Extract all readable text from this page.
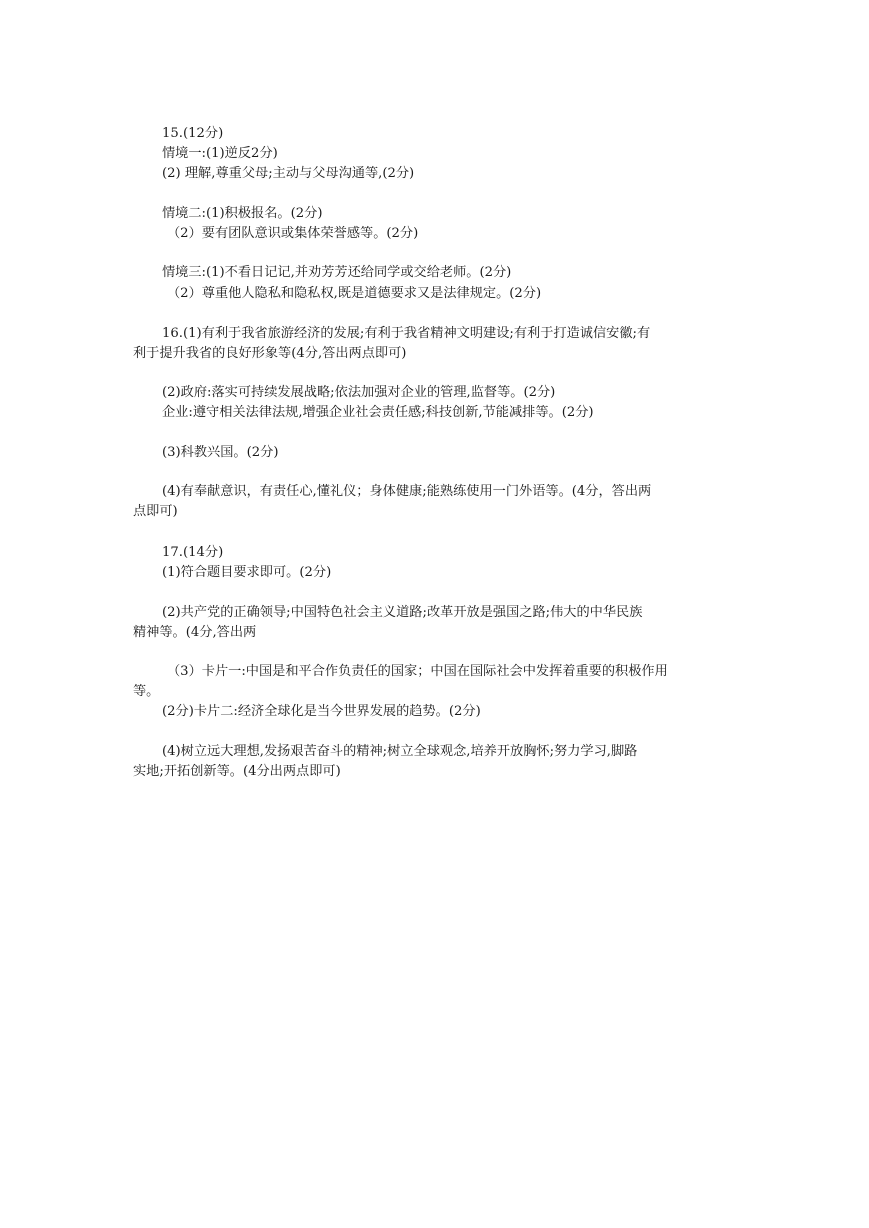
15.(12分)
情境一:(1)逆反2分)
(2) 理解,尊重父母;主动与父母沟通等,(2分)
情境二:(1)积极报名。(2分)
（2）要有团队意识或集体荣誉感等。(2分)
情境三:(1)不看日记记,并劝芳芳还给同学或交给老师。(2分)
（2）尊重他人隐私和隐私权,既是道德要求又是法律规定。(2分)
16.(1)有利于我省旅游经济的发展;有利于我省精神文明建设;有利于打造诚信安徽;有
利于提升我省的良好形象等(4分,答出两点即可)
(2)政府:落实可持续发展战略;依法加强对企业的管理,监督等。(2分)
企业:遵守相关法律法规,增强企业社会责任感;科技创新,节能减排等。(2分)
(3)科教兴国。(2分)
(4)有奉献意识，有责任心,懂礼仪；身体健康;能熟练使用一门外语等。(4分，答出两
点即可)
17.(14分)
(1)符合题目要求即可。(2分)
(2)共产党的正确领导;中国特色社会主义道路;改革开放是强国之路;伟大的中华民族
精神等。(4分,答出两
（3）卡片一:中国是和平合作负责任的国家；中国在国际社会中发挥着重要的积极作用
等。
(2分)卡片二:经济全球化是当今世界发展的趋势。(2分)
(4)树立远大理想,发扬艰苦奋斗的精神;树立全球观念,培养开放胸怀;努力学习,脚路
实地;开拓创新等。(4分出两点即可)
